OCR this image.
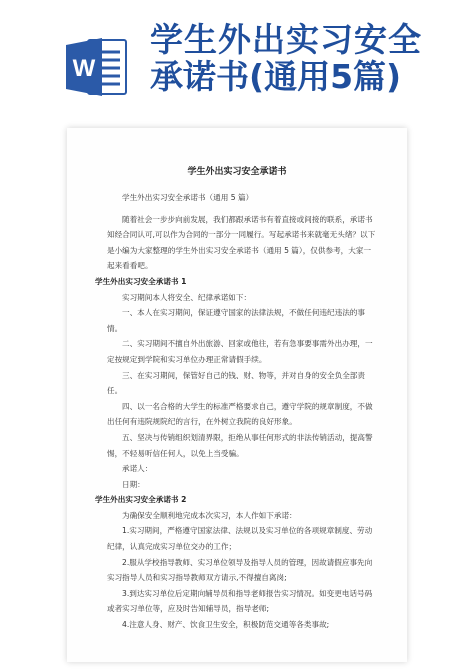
W
学生外出实习安全
承诺书(通用5篇)

学生外出实习安全承诺书

学生外出实习安全承诺书（通用 5 篇）

随着社会一步步向前发展，我们都跟承诺书有着直接或间接的联系，承诺书知经合同认可,可以作为合同的一部分一同履行。写起承诺书来就毫无头绪？以下是小编为大家整理的学生外出实习安全承诺书（通用 5 篇），仅供参考，大家一起来看看吧。

学生外出实习安全承诺书 1

实习期间本人将安全、纪律承诺如下：

一、本人在实习期间，保证遵守国家的法律法规，不做任何违纪违法的事情。

二、实习期间不擅自外出旅游、回家或他往，若有急事要事需外出办理，一定按规定到学院和实习单位办理正常请假手续。

三、在实习期间，保管好自己的钱、财、物等，并对自身的安全负全部责任。

四、以一名合格的大学生的标准严格要求自己，遵守学院的规章制度，不做出任何有违院规院纪的言行，在外树立我院的良好形象。

五、坚决与传销组织划清界限，拒绝从事任何形式的非法传销活动，提高警惕，不轻易听信任何人，以免上当受骗。

承诺人：

日期：

学生外出实习安全承诺书 2

为确保安全顺利地完成本次实习，本人作如下承诺：

1.实习期间，严格遵守国家法律、法规以及实习单位的各项规章制度、劳动纪律，认真完成实习单位交办的工作；

2.服从学校指导教师、实习单位领导及指导人员的管理，因故请假应事先向实习指导人员和实习指导教师双方请示,不得擅自离岗;

3.到达实习单位后定期向辅导员和指导老师报告实习情况。如变更电话号码或者实习单位等，应及时告知辅导员，指导老师;

4.注意人身、财产、饮食卫生安全，积极防范交通等各类事故;
